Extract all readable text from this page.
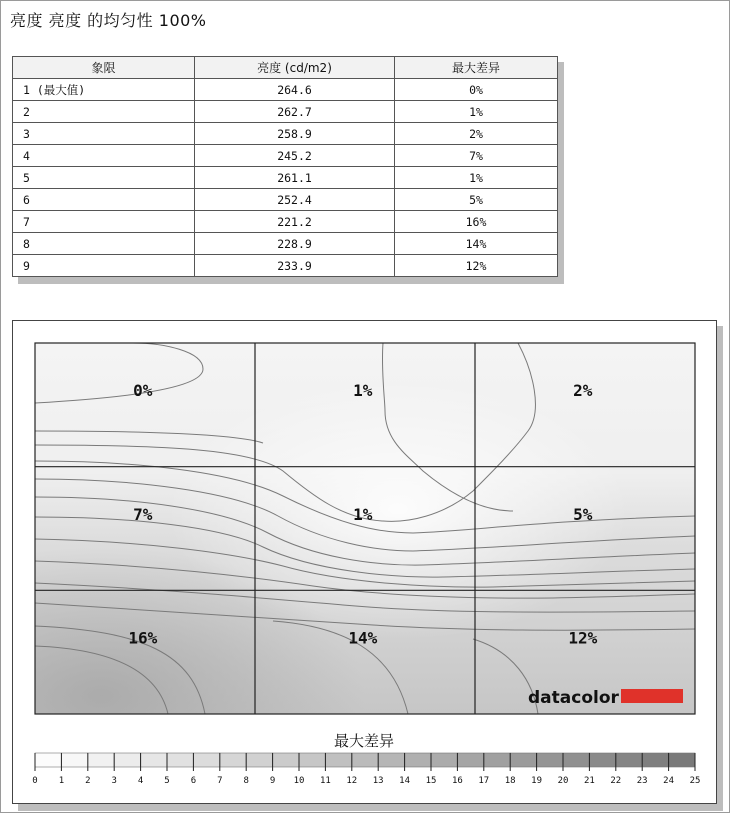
亮度 亮度 的均匀性 100%
象限	亮度 (cd/m2)	最大差异
1 (最大值)	264.6	0%
2	262.7	1%
3	258.9	2%
4	245.2	7%
5	261.1	1%
6	252.4	5%
7	221.2	16%
8	228.9	14%
9	233.9	12%
0%	1%	2%
7%	1%	5%
16%	14%	12%
datacolor
最大差异
0 1 2 3 4 5 6 7 8 9 10 11 12 13 14 15 16 17 18 19 20 21 22 23 24 25
